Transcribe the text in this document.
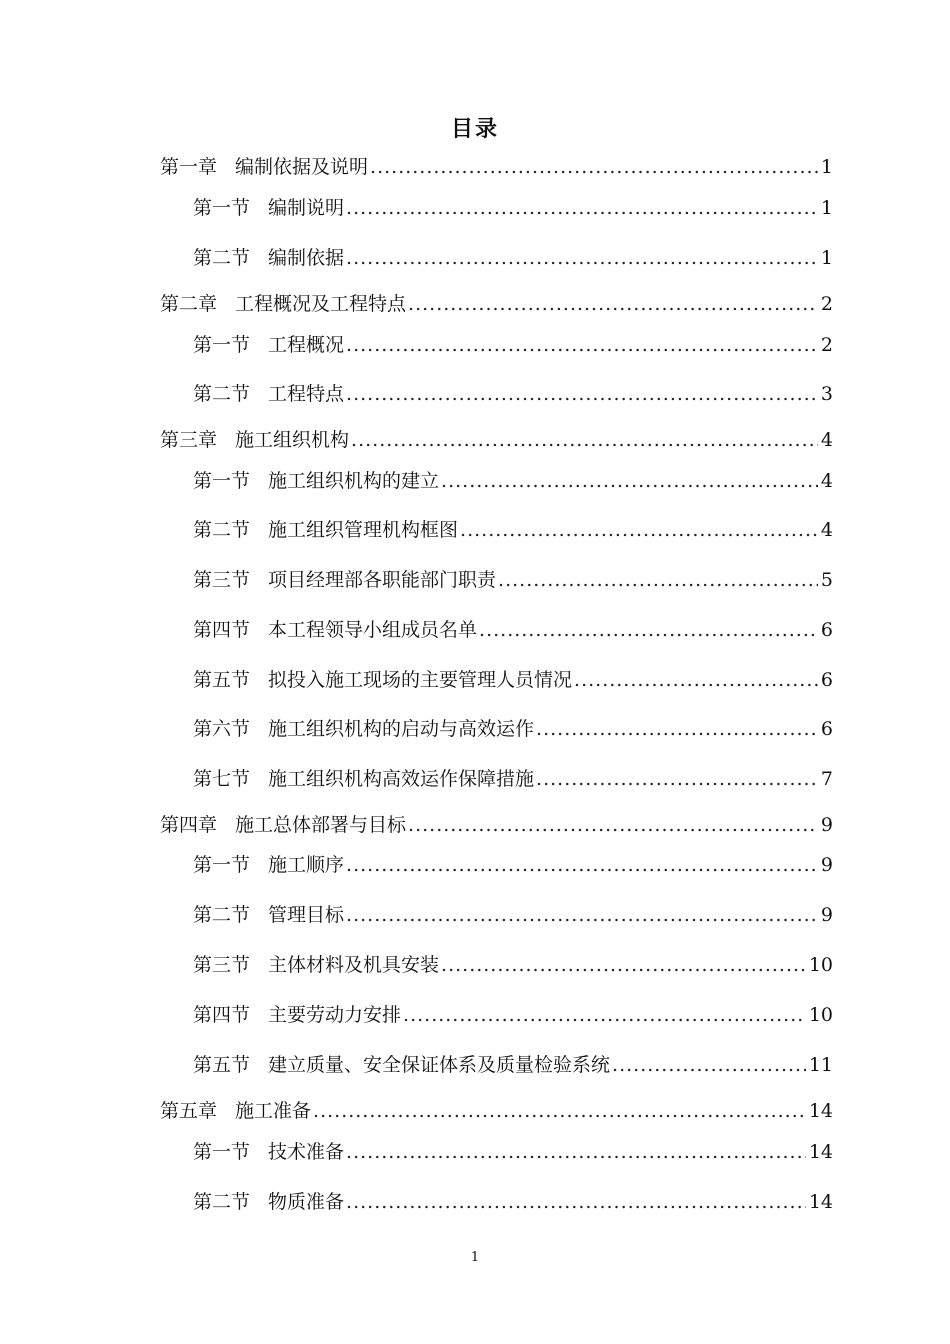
目录
第一章 编制依据及说明 .....	1
第一节 编制说明 .....	1
第二节 编制依据 .....	1
第二章 工程概况及工程特点 .....	2
第一节 工程概况 .....	2
第二节 工程特点 .....	3
第三章 施工组织机构 .....	4
第一节 施工组织机构的建立 .....	4
第二节 施工组织管理机构框图 .....	4
第三节 项目经理部各职能部门职责 .....	5
第四节 本工程领导小组成员名单 .....	6
第五节 拟投入施工现场的主要管理人员情况 .....	6
第六节 施工组织机构的启动与高效运作 .....	6
第七节 施工组织机构高效运作保障措施 .....	7
第四章 施工总体部署与目标 .....	9
第一节 施工顺序 .....	9
第二节 管理目标 .....	9
第三节 主体材料及机具安装 .....	10
第四节 主要劳动力安排 .....	10
第五节 建立质量、安全保证体系及质量检验系统 .....	11
第五章 施工准备 .....	14
第一节 技术准备 .....	14
第二节 物质准备 .....	14
1
